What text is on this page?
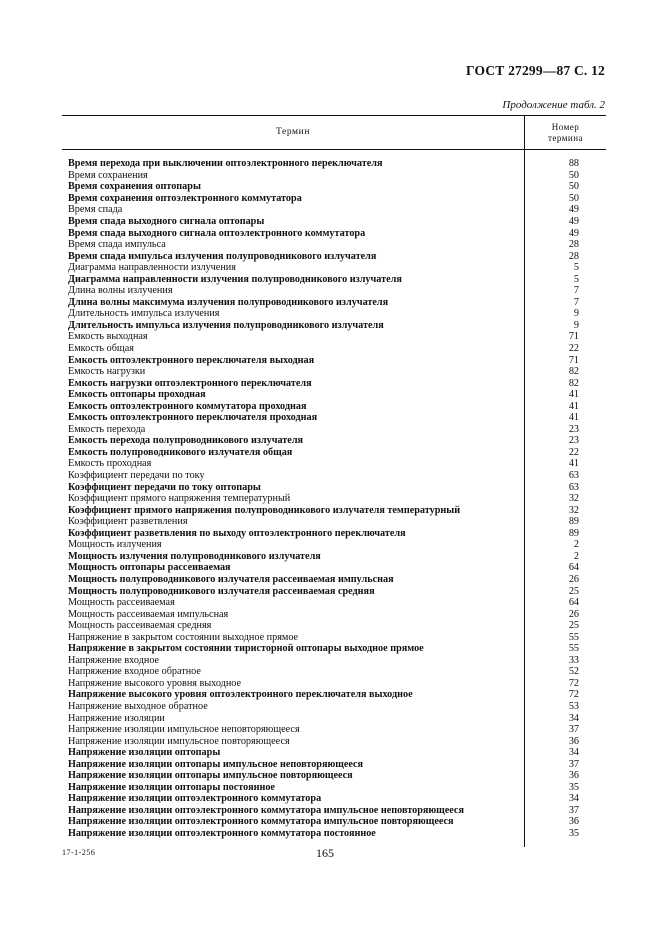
ГОСТ 27299—87 С. 12
Продолжение табл. 2
Термин
Номер
термина
Время перехода при выключении оптоэлектронного переключателя	88
Время сохранения	50
Время сохранения оптопары	50
Время сохранения оптоэлектронного коммутатора	50
Время спада	49
Время спада выходного сигнала оптопары	49
Время спада выходного сигнала оптоэлектронного коммутатора	49
Время спада импульса	28
Время спада импульса излучения полупроводникового излучателя	28
Диаграмма направленности излучения	5
Диаграмма направленности излучения полупроводникового излучателя	5
Длина волны излучения	7
Длина волны максимума излучения полупроводникового излучателя	7
Длительность импульса излучения	9
Длительность импульса излучения полупроводникового излучателя	9
Емкость выходная	71
Емкость общая	22
Емкость оптоэлектронного переключателя выходная	71
Емкость нагрузки	82
Емкость нагрузки оптоэлектронного переключателя	82
Емкость оптопары проходная	41
Емкость оптоэлектронного коммутатора проходная	41
Емкость оптоэлектронного переключателя проходная	41
Емкость перехода	23
Емкость перехода полупроводникового излучателя	23
Емкость полупроводникового излучателя общая	22
Емкость проходная	41
Коэффициент передачи по току	63
Коэффициент передачи по току оптопары	63
Коэффициент прямого напряжения температурный	32
Коэффициент прямого напряжения полупроводникового излучателя температурный	32
Коэффициент разветвления	89
Коэффициент разветвления по выходу оптоэлектронного переключателя	89
Мощность излучения	2
Мощность излучения полупроводникового излучателя	2
Мощность оптопары рассеиваемая	64
Мощность полупроводникового излучателя рассеиваемая импульсная	26
Мощность полупроводникового излучателя рассеиваемая средняя	25
Мощность рассеиваемая	64
Мощность рассеиваемая импульсная	26
Мощность рассеиваемая средняя	25
Напряжение в закрытом состоянии выходное прямое	55
Напряжение в закрытом состоянии тиристорной оптопары выходное прямое	55
Напряжение входное	33
Напряжение входное обратное	52
Напряжение высокого уровня выходное	72
Напряжение высокого уровня оптоэлектронного переключателя выходное	72
Напряжение выходное обратное	53
Напряжение изоляции	34
Напряжение изоляции импульсное неповторяющееся	37
Напряжение изоляции импульсное повторяющееся	36
Напряжение изоляции оптопары	34
Напряжение изоляции оптопары импульсное неповторяющееся	37
Напряжение изоляции оптопары импульсное повторяющееся	36
Напряжение изоляции оптопары постоянное	35
Напряжение изоляции оптоэлектронного коммутатора	34
Напряжение изоляции оптоэлектронного коммутатора импульсное неповторяющееся	37
Напряжение изоляции оптоэлектронного коммутатора импульсное повторяющееся	36
Напряжение изоляции оптоэлектронного коммутатора постоянное	35
17-1-256	165
